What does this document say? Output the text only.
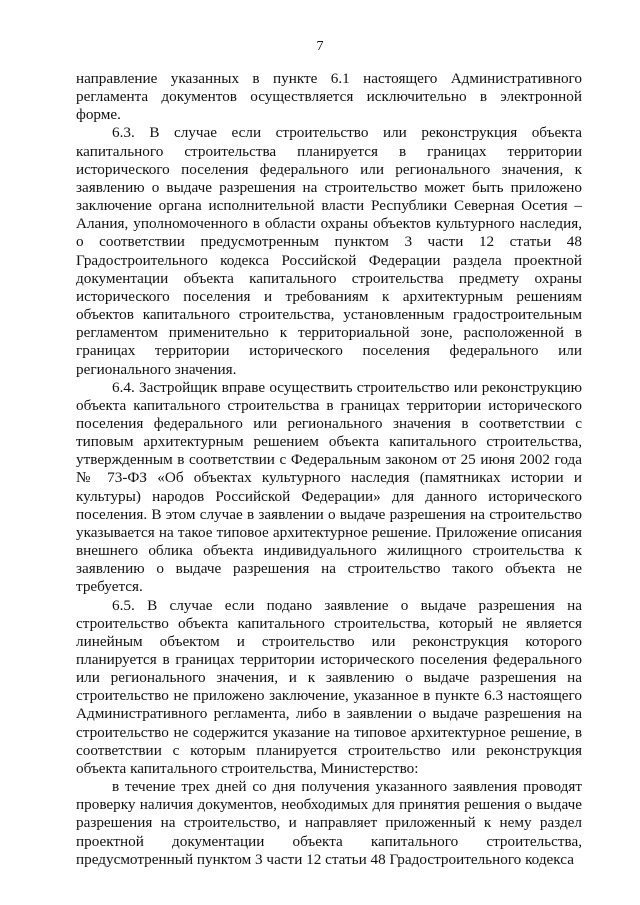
7

направление указанных в пункте 6.1 настоящего Административного регламента документов осуществляется исключительно в электронной форме.

6.3. В случае если строительство или реконструкция объекта капитального строительства планируется в границах территории исторического поселения федерального или регионального значения, к заявлению о выдаче разрешения на строительство может быть приложено заключение органа исполнительной власти Республики Северная Осетия – Алания, уполномоченного в области охраны объектов культурного наследия, о соответствии предусмотренным пунктом 3 части 12 статьи 48 Градостроительного кодекса Российской Федерации раздела проектной документации объекта капитального строительства предмету охраны исторического поселения и требованиям к архитектурным решениям объектов капитального строительства, установленным градостроительным регламентом применительно к территориальной зоне, расположенной в границах территории исторического поселения федерального или регионального значения.

6.4. Застройщик вправе осуществить строительство или реконструкцию объекта капитального строительства в границах территории исторического поселения федерального или регионального значения в соответствии с типовым архитектурным решением объекта капитального строительства, утвержденным в соответствии с Федеральным законом от 25 июня 2002 года № 73-ФЗ «Об объектах культурного наследия (памятниках истории и культуры) народов Российской Федерации» для данного исторического поселения. В этом случае в заявлении о выдаче разрешения на строительство указывается на такое типовое архитектурное решение. Приложение описания внешнего облика объекта индивидуального жилищного строительства к заявлению о выдаче разрешения на строительство такого объекта не требуется.

6.5. В случае если подано заявление о выдаче разрешения на строительство объекта капитального строительства, который не является линейным объектом и строительство или реконструкция которого планируется в границах территории исторического поселения федерального или регионального значения, и к заявлению о выдаче разрешения на строительство не приложено заключение, указанное в пункте 6.3 настоящего Административного регламента, либо в заявлении о выдаче разрешения на строительство не содержится указание на типовое архитектурное решение, в соответствии с которым планируется строительство или реконструкция объекта капитального строительства, Министерство:

в течение трех дней со дня получения указанного заявления проводят проверку наличия документов, необходимых для принятия решения о выдаче разрешения на строительство, и направляет приложенный к нему раздел проектной документации объекта капитального строительства, предусмотренный пунктом 3 части 12 статьи 48 Градостроительного кодекса
